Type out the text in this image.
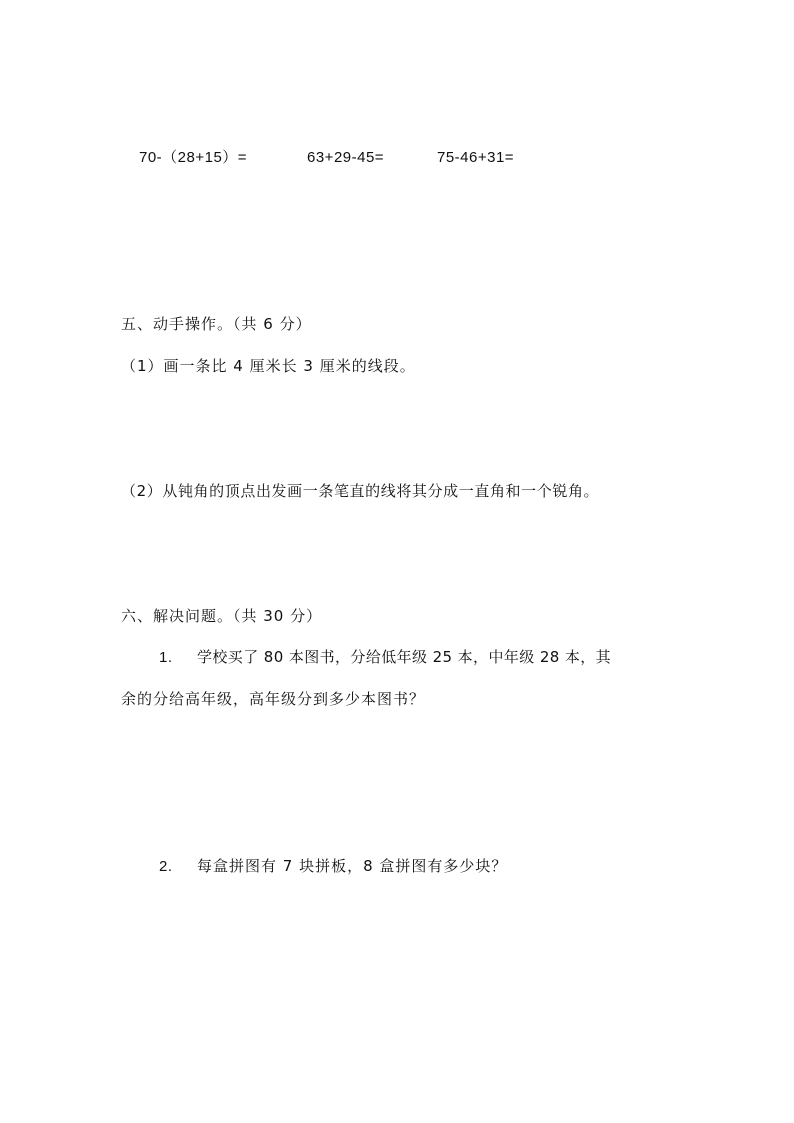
70-（28+15）=	63+29-45=	75-46+31=
五、动手操作。（共 6 分）
（1）画一条比 4 厘米长 3 厘米的线段。
（2）从钝角的顶点出发画一条笔直的线将其分成一直角和一个锐角。
六、解决问题。（共 30 分）
1. 学校买了 80 本图书，分给低年级 25 本，中年级 28 本，其
余的分给高年级，高年级分到多少本图书？
2. 每盒拼图有 7 块拼板，8 盒拼图有多少块？
